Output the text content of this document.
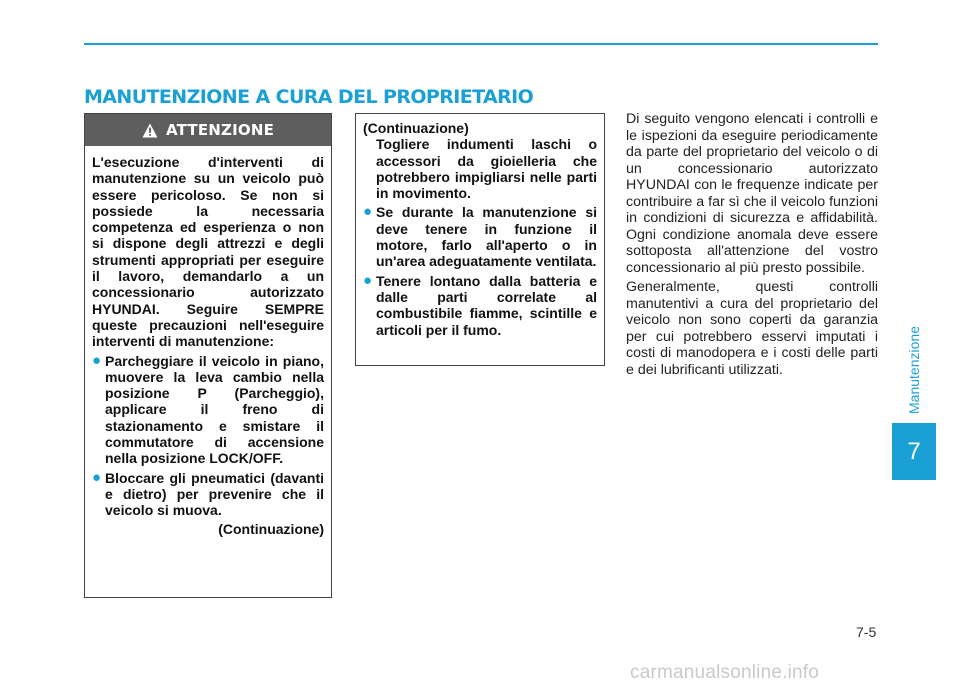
MANUTENZIONE A CURA DEL PROPRIETARIO
ATTENZIONE

L'esecuzione d'interventi di manutenzione su un veicolo può essere pericoloso. Se non si possiede la necessaria competenza ed esperienza o non si dispone degli attrezzi e degli strumenti appropriati per eseguire il lavoro, demandarlo a un concessionario autorizzato HYUNDAI. Seguire SEMPRE queste precauzioni nell'eseguire interventi di manutenzione:

● Parcheggiare il veicolo in piano, muovere la leva cambio nella posizione P (Parcheggio), applicare il freno di stazionamento e smistare il commutatore di accensione nella posizione LOCK/OFF.
● Bloccare gli pneumatici (davanti e dietro) per prevenire che il veicolo si muova.
(Continuazione)
(Continuazione)
Togliere indumenti laschi o accessori da gioielleria che potrebbero impigliarsi nelle parti in movimento.
● Se durante la manutenzione si deve tenere in funzione il motore, farlo all'aperto o in un'area adeguatamente ventilata.
● Tenere lontano dalla batteria e dalle parti correlate al combustibile fiamme, scintille e articoli per il fumo.

Di seguito vengono elencati i controlli e le ispezioni da eseguire periodicamente da parte del proprietario del veicolo o di un concessionario autorizzato HYUNDAI con le frequenze indicate per contribuire a far sì che il veicolo funzioni in condizioni di sicurezza e affidabilità. Ogni condizione anomala deve essere sottoposta all'attenzione del vostro concessionario al più presto possibile.

Generalmente, questi controlli manutentivi a cura del proprietario del veicolo non sono coperti da garanzia per cui potrebbero esservi imputati i costi di manodopera e i costi delle parti e dei lubrificanti utilizzati.	Manutenzione
7
7-5
carmanualsonline.info
